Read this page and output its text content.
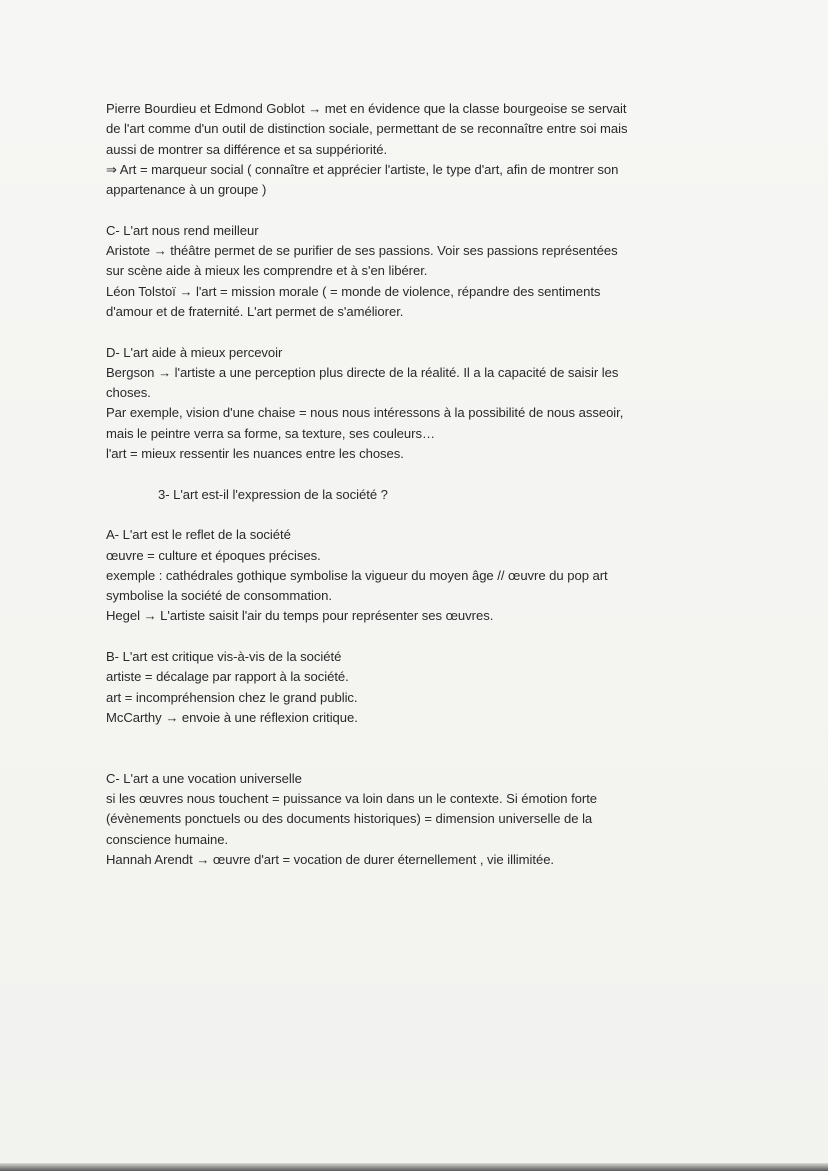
Pierre Bourdieu et Edmond Goblot → met en évidence que la classe bourgeoise se servait
de l'art comme d'un outil de distinction sociale, permettant de se reconnaître entre soi mais
aussi de montrer sa différence et sa suppériorité.
⇒ Art = marqueur social ( connaître et apprécier l'artiste, le type d'art, afin de montrer son
appartenance à un groupe )
C- L'art nous rend meilleur
Aristote → théâtre permet de se purifier de ses passions. Voir ses passions représentées
sur scène aide à mieux les comprendre et à s'en libérer.
Léon Tolstoï → l'art = mission morale ( = monde de violence, répandre des sentiments
d'amour et de fraternité. L'art permet de s'améliorer.
D- L'art aide à mieux percevoir
Bergson → l'artiste a une perception plus directe de la réalité. Il a la capacité de saisir les
choses.
Par exemple, vision d'une chaise = nous nous intéressons à la possibilité de nous asseoir,
mais le peintre verra sa forme, sa texture, ses couleurs…
l'art = mieux ressentir les nuances entre les choses.
3- L'art est-il l'expression de la société ?
A- L'art est le reflet de la société
œuvre = culture et époques précises.
exemple : cathédrales gothique symbolise la vigueur du moyen âge // œuvre du pop art
symbolise la société de consommation.
Hegel → L'artiste saisit l'air du temps pour représenter ses œuvres.
B- L'art est critique vis-à-vis de la société
artiste = décalage par rapport à la société.
art = incompréhension chez le grand public.
McCarthy → envoie à une réflexion critique.
C- L'art a une vocation universelle
si les œuvres nous touchent = puissance va loin dans un le contexte. Si émotion forte
(évènements ponctuels ou des documents historiques) = dimension universelle de la
conscience humaine.
Hannah Arendt → œuvre d'art = vocation de durer éternellement , vie illimitée.
